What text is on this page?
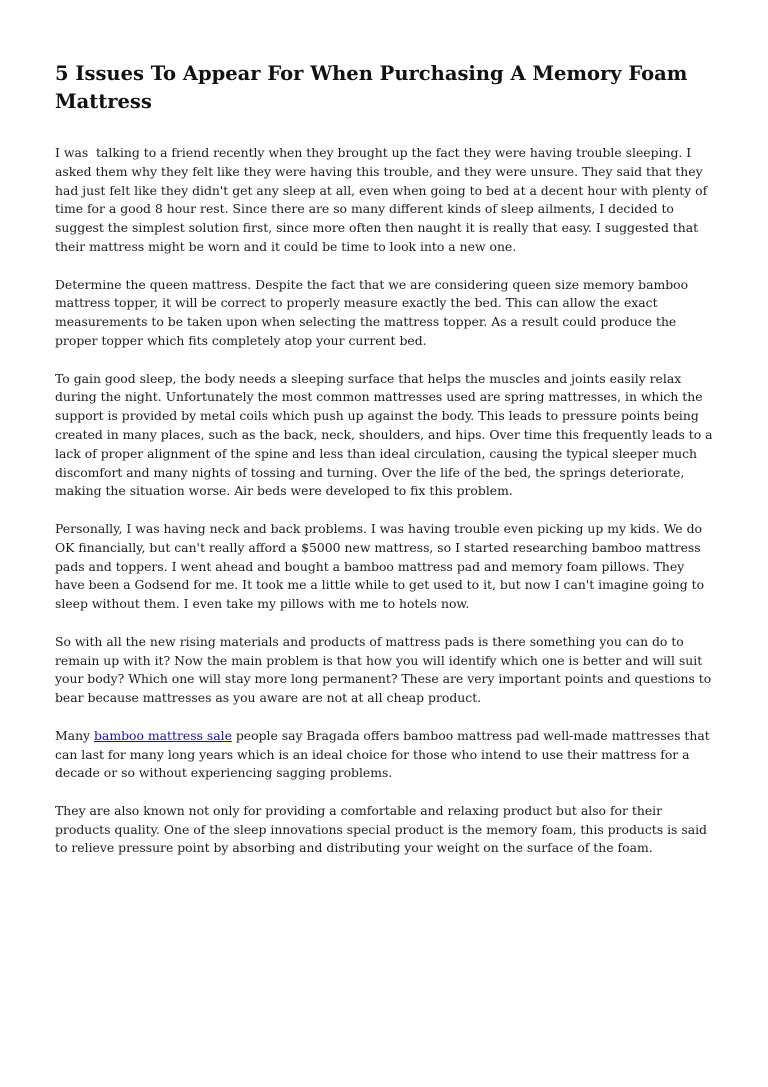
5 Issues To Appear For When Purchasing A Memory Foam Mattress

I was  talking to a friend recently when they brought up the fact they were having trouble sleeping. I asked them why they felt like they were having this trouble, and they were unsure. They said that they had just felt like they didn't get any sleep at all, even when going to bed at a decent hour with plenty of time for a good 8 hour rest. Since there are so many different kinds of sleep ailments, I decided to suggest the simplest solution first, since more often then naught it is really that easy. I suggested that their mattress might be worn and it could be time to look into a new one.

Determine the queen mattress. Despite the fact that we are considering queen size memory bamboo mattress topper, it will be correct to properly measure exactly the bed. This can allow the exact measurements to be taken upon when selecting the mattress topper. As a result could produce the proper topper which fits completely atop your current bed.

To gain good sleep, the body needs a sleeping surface that helps the muscles and joints easily relax during the night. Unfortunately the most common mattresses used are spring mattresses, in which the support is provided by metal coils which push up against the body. This leads to pressure points being created in many places, such as the back, neck, shoulders, and hips. Over time this frequently leads to a lack of proper alignment of the spine and less than ideal circulation, causing the typical sleeper much discomfort and many nights of tossing and turning. Over the life of the bed, the springs deteriorate, making the situation worse. Air beds were developed to fix this problem.

Personally, I was having neck and back problems. I was having trouble even picking up my kids. We do OK financially, but can't really afford a $5000 new mattress, so I started researching bamboo mattress pads and toppers. I went ahead and bought a bamboo mattress pad and memory foam pillows. They have been a Godsend for me. It took me a little while to get used to it, but now I can't imagine going to sleep without them. I even take my pillows with me to hotels now.

So with all the new rising materials and products of mattress pads is there something you can do to remain up with it? Now the main problem is that how you will identify which one is better and will suit your body? Which one will stay more long permanent? These are very important points and questions to bear because mattresses as you aware are not at all cheap product.

Many bamboo mattress sale people say Bragada offers bamboo mattress pad well-made mattresses that can last for many long years which is an ideal choice for those who intend to use their mattress for a decade or so without experiencing sagging problems.

They are also known not only for providing a comfortable and relaxing product but also for their products quality. One of the sleep innovations special product is the memory foam, this products is said to relieve pressure point by absorbing and distributing your weight on the surface of the foam.
